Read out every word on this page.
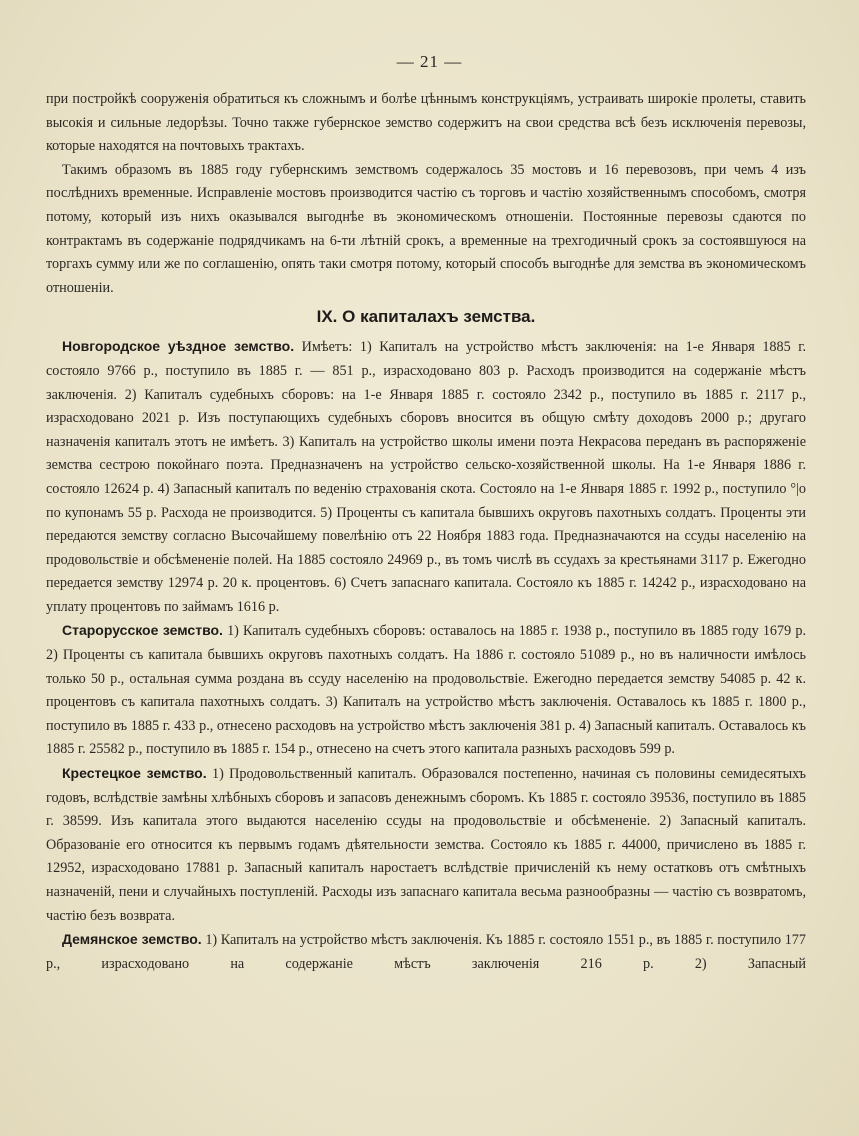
— 21 —

при постройкѣ сооруженія обратиться къ сложнымъ и болѣе цѣннымъ конструкціямъ, устраивать широкіе пролеты, ставить высокія и сильные ледорѣзы. Точно также губернское земство содержитъ на свои средства всѣ безъ исключенія перевозы, которые находятся на почтовыхъ трактахъ.

Такимъ образомъ въ 1885 году губернскимъ земствомъ содержалось 35 мостовъ и 16 перевозовъ, при чемъ 4 изъ послѣднихъ временные. Исправленіе мостовъ производится частію съ торговъ и частію хозяйственнымъ способомъ, смотря потому, который изъ нихъ оказывался выгоднѣе въ экономическомъ отношеніи. Постоянные перевозы сдаются по контрактамъ въ содержаніе подрядчикамъ на 6-ти лѣтній срокъ, а временные на трехгодичный срокъ за состоявшуюся на торгахъ сумму или же по соглашенію, опять таки смотря потому, который способъ выгоднѣе для земства въ экономическомъ отношеніи.

IX. О капиталахъ земства.

Новгородское уѣздное земство. Имѣетъ: 1) Капиталъ на устройство мѣстъ заключенія: на 1-е Января 1885 г. состояло 9766 р., поступило въ 1885 г. — 851 р., израсходовано 803 р. Расходъ производится на содержаніе мѣстъ заключенія. 2) Капиталъ судебныхъ сборовъ: на 1-е Января 1885 г. состояло 2342 р., поступило въ 1885 г. 2117 р., израсходовано 2021 р. Изъ поступающихъ судебныхъ сборовъ вносится въ общую смѣту доходовъ 2000 р.; другаго назначенія капиталъ этотъ не имѣетъ. 3) Капиталъ на устройство школы имени поэта Некрасова переданъ въ распоряженіе земства сестрою покойнаго поэта. Предназначенъ на устройство сельско-хозяйственной школы. На 1-е Января 1886 г. состояло 12624 р. 4) Запасный капиталъ по веденію страхованія скота. Состояло на 1-е Января 1885 г. 1992 р., поступило °|о по купонамъ 55 р. Расхода не производится. 5) Проценты съ капитала бывшихъ округовъ пахотныхъ солдатъ. Проценты эти передаются земству согласно Высочайшему повелѣнію отъ 22 Ноября 1883 года. Предназначаются на ссуды населенію на продовольствіе и обсѣмененіе полей. На 1885 состояло 24969 р., въ томъ числѣ въ ссудахъ за крестьянами 3117 р. Ежегодно передается земству 12974 р. 20 к. процентовъ. 6) Счетъ запаснаго капитала. Состояло къ 1885 г. 14242 р., израсходовано на уплату процентовъ по займамъ 1616 р.

Старорусское земство. 1) Капиталъ судебныхъ сборовъ: оставалось на 1885 г. 1938 р., поступило въ 1885 году 1679 р. 2) Проценты съ капитала бывшихъ округовъ пахотныхъ солдатъ. На 1886 г. состояло 51089 р., но въ наличности имѣлось только 50 р., остальная сумма роздана въ ссуду населенію на продовольствіе. Ежегодно передается земству 54085 р. 42 к. процентовъ съ капитала пахотныхъ солдатъ. 3) Капиталъ на устройство мѣстъ заключенія. Оставалось къ 1885 г. 1800 р., поступило въ 1885 г. 433 р., отнесено расходовъ на устройство мѣстъ заключенія 381 р. 4) Запасный капиталъ. Оставалось къ 1885 г. 25582 р., поступило въ 1885 г. 154 р., отнесено на счетъ этого капитала разныхъ расходовъ 599 р.

Крестецкое земство. 1) Продовольственный капиталъ. Образовался постепенно, начиная съ половины семидесятыхъ годовъ, вслѣдствіе замѣны хлѣбныхъ сборовъ и запасовъ денежнымъ сборомъ. Къ 1885 г. состояло 39536, поступило въ 1885 г. 38599. Изъ капитала этого выдаются населенію ссуды на продовольствіе и обсѣмененіе. 2) Запасный капиталъ. Образованіе его относится къ первымъ годамъ дѣятельности земства. Состояло къ 1885 г. 44000, причислено въ 1885 г. 12952, израсходовано 17881 р. Запасный капиталъ наростаетъ вслѣдствіе причисленій къ нему остатковъ отъ смѣтныхъ назначеній, пени и случайныхъ поступленій. Расходы изъ запаснаго капитала весьма разнообразны — частію съ возвратомъ, частію безъ возврата.

Демянское земство. 1) Капиталъ на устройство мѣстъ заключенія. Къ 1885 г. состояло 1551 р., въ 1885 г. поступило 177 р., израсходовано на содержаніе мѣстъ заключенія 216 р. 2) Запасный
